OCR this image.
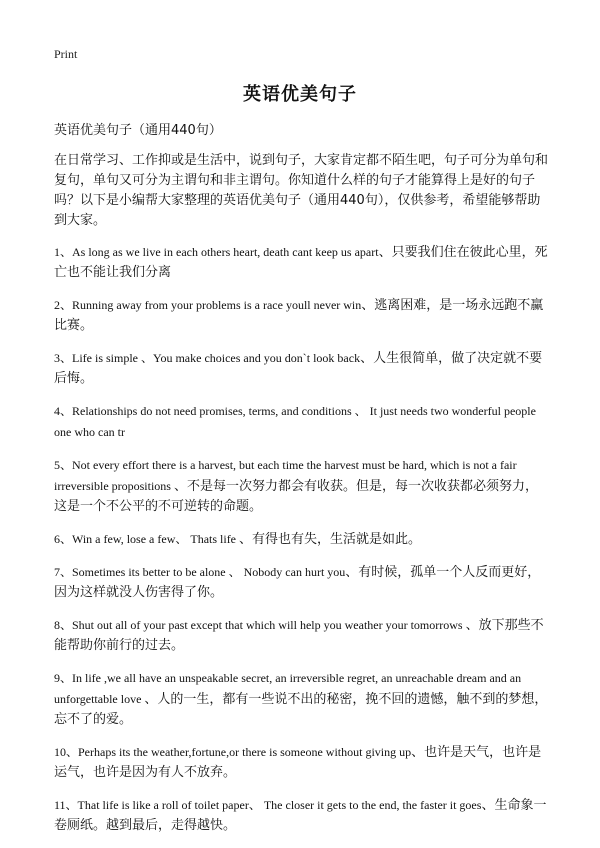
Print
英语优美句子

英语优美句子（通用440句）

在日常学习、工作抑或是生活中，说到句子，大家肯定都不陌生吧，句子可分为单句和复句，单句又可分为主谓句和非主谓句。你知道什么样的句子才能算得上是好的句子吗？以下是小编帮大家整理的英语优美句子（通用440句），仅供参考，希望能够帮助到大家。

1、As long as we live in each others heart, death cant keep us apart、只要我们住在彼此心里，死亡也不能让我们分离

2、Running away from your problems is a race youll never win、逃离困难，是一场永远跑不赢比赛。

3、Life is simple 、You make choices and you don`t look back、人生很简单，做了决定就不要后悔。

4、Relationships do not need promises, terms, and conditions 、 It just needs two wonderful people one who can tr

5、Not every effort there is a harvest, but each time the harvest must be hard, which is not a fair irreversible propositions 、不是每一次努力都会有收获。但是，每一次收获都必须努力，这是一个不公平的不可逆转的命题。

6、Win a few, lose a few、 Thats life 、有得也有失，生活就是如此。

7、Sometimes its better to be alone 、 Nobody can hurt you、有时候，孤单一个人反而更好，因为这样就没人伤害得了你。

8、Shut out all of your past except that which will help you weather your tomorrows 、放下那些不能帮助你前行的过去。

9、In life ,we all have an unspeakable secret, an irreversible regret, an unreachable dream and an unforgettable love 、人的一生，都有一些说不出的秘密，挽不回的遗憾，触不到的梦想，忘不了的爱。

10、Perhaps its the weather,fortune,or there is someone without giving up、也许是天气，也许是运气，也许是因为有人不放弃。

11、That life is like a roll of toilet paper、 The closer it gets to the end, the faster it goes、生命象一卷厕纸。越到最后，走得越快。
